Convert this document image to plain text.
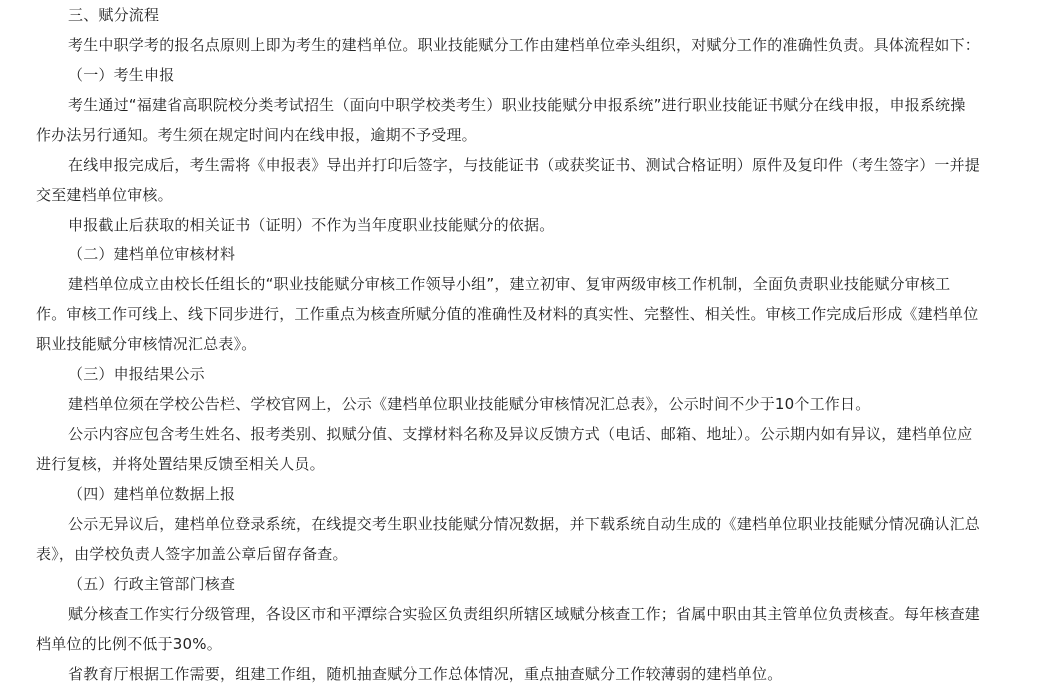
三、赋分流程
考生中职学考的报名点原则上即为考生的建档单位。职业技能赋分工作由建档单位牵头组织，对赋分工作的准确性负责。具体流程如下：
（一）考生申报
考生通过“福建省高职院校分类考试招生（面向中职学校类考生）职业技能赋分申报系统”进行职业技能证书赋分在线申报，申报系统操
作办法另行通知。考生须在规定时间内在线申报，逾期不予受理。
在线申报完成后，考生需将《申报表》导出并打印后签字，与技能证书（或获奖证书、测试合格证明）原件及复印件（考生签字）一并提
交至建档单位审核。
申报截止后获取的相关证书（证明）不作为当年度职业技能赋分的依据。
（二）建档单位审核材料
建档单位成立由校长任组长的“职业技能赋分审核工作领导小组”，建立初审、复审两级审核工作机制，全面负责职业技能赋分审核工
作。审核工作可线上、线下同步进行，工作重点为核查所赋分值的准确性及材料的真实性、完整性、相关性。审核工作完成后形成《建档单位
职业技能赋分审核情况汇总表》。
（三）申报结果公示
建档单位须在学校公告栏、学校官网上，公示《建档单位职业技能赋分审核情况汇总表》，公示时间不少于10个工作日。
公示内容应包含考生姓名、报考类别、拟赋分值、支撑材料名称及异议反馈方式（电话、邮箱、地址）。公示期内如有异议，建档单位应
进行复核，并将处置结果反馈至相关人员。
（四）建档单位数据上报
公示无异议后，建档单位登录系统，在线提交考生职业技能赋分情况数据，并下载系统自动生成的《建档单位职业技能赋分情况确认汇总
表》，由学校负责人签字加盖公章后留存备查。
（五）行政主管部门核查
赋分核查工作实行分级管理，各设区市和平潭综合实验区负责组织所辖区域赋分核查工作；省属中职由其主管单位负责核查。每年核查建
档单位的比例不低于30%。
省教育厅根据工作需要，组建工作组，随机抽查赋分工作总体情况，重点抽查赋分工作较薄弱的建档单位。
